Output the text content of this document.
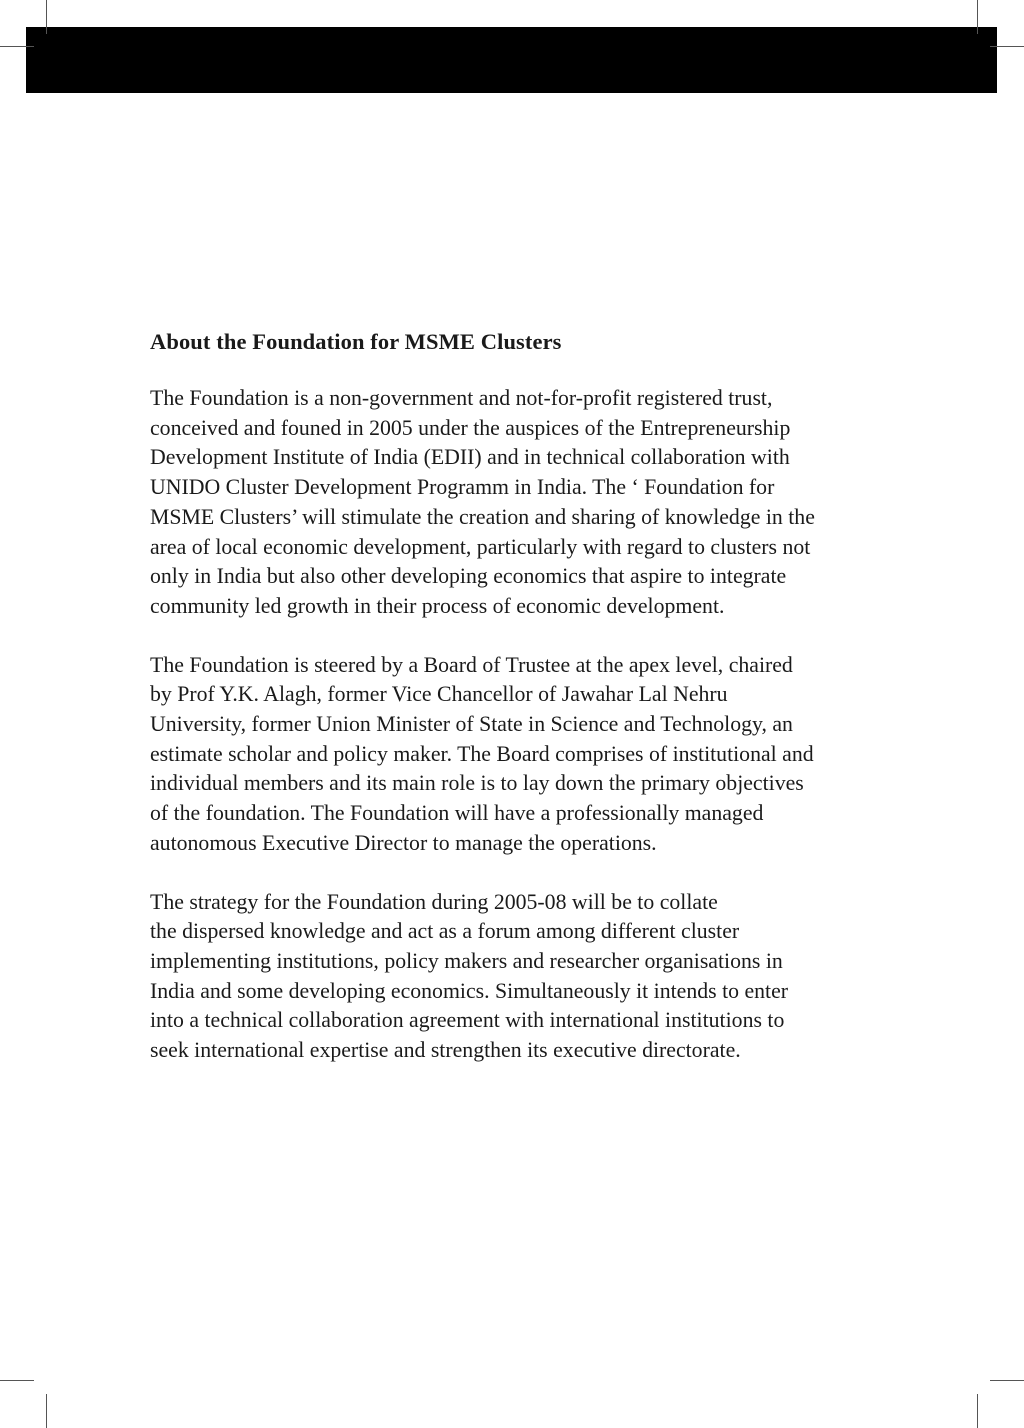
About the Foundation for MSME Clusters
The Foundation is a non-government and not-for-profit registered trust,
conceived and founed in 2005 under the auspices of the Entrepreneurship
Development Institute of India (EDII) and in technical collaboration with
UNIDO Cluster Development Programm in India. The ‘ Foundation for
MSME Clusters’ will stimulate the creation and sharing of knowledge in the
area of local economic development, particularly with regard to clusters not
only in India but also other developing economics that aspire to integrate
community led growth in their process of economic development.
The Foundation is steered by a Board of Trustee at the apex level, chaired
by Prof Y.K. Alagh, former Vice Chancellor of Jawahar Lal Nehru
University, former Union Minister of State in Science and Technology, an
estimate scholar and policy maker. The Board comprises of institutional and
individual members and its main role is to lay down the primary objectives
of the foundation. The Foundation will have a professionally managed
autonomous Executive Director to manage the operations.
The strategy for the Foundation during 2005-08 will be to collate
the dispersed knowledge and act as a forum among different cluster
implementing institutions, policy makers and researcher organisations in
India and some developing economics. Simultaneously it intends to enter
into a technical collaboration agreement with international institutions to
seek international expertise and strengthen its executive directorate.
